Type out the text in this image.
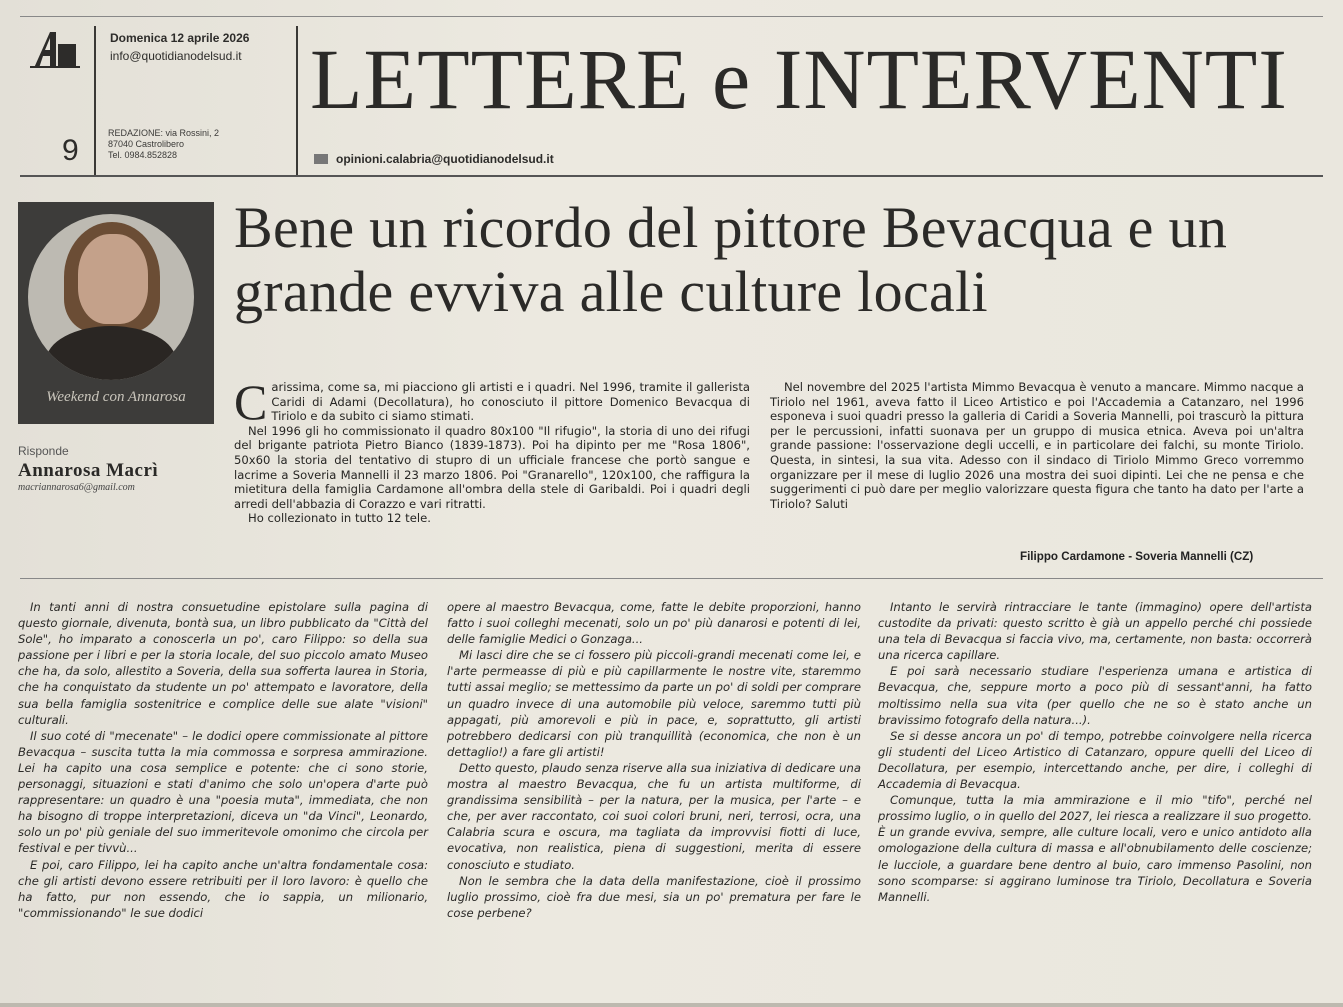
Domenica 12 aprile 2026
info@quotidianodelsud.it
9
REDAZIONE: via Rossini, 2
87040 Castrolibero
Tel. 0984.852828
LETTERE e INTERVENTI
opinioni.calabria@quotidianodelsud.it
Weekend con Annarosa
Risponde
Annarosa Macrì
macriannarosa6@gmail.com
Bene un ricordo del pittore Bevacqua e un grande evviva alle culture locali

Carissima, come sa, mi piacciono gli artisti e i quadri. Nel 1996, tramite il gallerista Caridi di Adami (Decollatura), ho conosciuto il pittore Domenico Bevacqua di Tiriolo e da subito ci siamo stimati.

Nel 1996 gli ho commissionato il quadro 80x100 "Il rifugio", la storia di uno dei rifugi del brigante patriota Pietro Bianco (1839-1873). Poi ha dipinto per me "Rosa 1806", 50x60 la storia del tentativo di stupro di un ufficiale francese che portò sangue e lacrime a Soveria Mannelli il 23 marzo 1806. Poi "Granarello", 120x100, che raffigura la mietitura della famiglia Cardamone all'ombra della stele di Garibaldi. Poi i quadri degli arredi dell'abbazia di Corazzo e vari ritratti.

Ho collezionato in tutto 12 tele.

Nel novembre del 2025 l'artista Mimmo Bevacqua è venuto a mancare. Mimmo nacque a Tiriolo nel 1961, aveva fatto il Liceo Artistico e poi l'Accademia a Catanzaro, nel 1996 esponeva i suoi quadri presso la galleria di Caridi a Soveria Mannelli, poi trascurò la pittura per le percussioni, infatti suonava per un gruppo di musica etnica. Aveva poi un'altra grande passione: l'osservazione degli uccelli, e in particolare dei falchi, su monte Tiriolo. Questa, in sintesi, la sua vita. Adesso con il sindaco di Tiriolo Mimmo Greco vorremmo organizzare per il mese di luglio 2026 una mostra dei suoi dipinti. Lei che ne pensa e che suggerimenti ci può dare per meglio valorizzare questa figura che tanto ha dato per l'arte a Tiriolo? Saluti

Filippo Cardamone - Soveria Mannelli (CZ)

In tanti anni di nostra consuetudine epistolare sulla pagina di questo giornale, divenuta, bontà sua, un libro pubblicato da "Città del Sole", ho imparato a conoscerla un po', caro Filippo: so della sua passione per i libri e per la storia locale, del suo piccolo amato Museo che ha, da solo, allestito a Soveria, della sua sofferta laurea in Storia, che ha conquistato da studente un po' attempato e lavoratore, della sua bella famiglia sostenitrice e complice delle sue alate "visioni" culturali.

Il suo coté di "mecenate" – le dodici opere commissionate al pittore Bevacqua – suscita tutta la mia commossa e sorpresa ammirazione. Lei ha capito una cosa semplice e potente: che ci sono storie, personaggi, situazioni e stati d'animo che solo un'opera d'arte può rappresentare: un quadro è una "poesia muta", immediata, che non ha bisogno di troppe interpretazioni, diceva un "da Vinci", Leonardo, solo un po' più geniale del suo immeritevole omonimo che circola per festival e per tivvù...

E poi, caro Filippo, lei ha capito anche un'altra fondamentale cosa: che gli artisti devono essere retribuiti per il loro lavoro: è quello che ha fatto, pur non essendo, che io sappia, un milionario, "commissionando" le sue dodici

opere al maestro Bevacqua, come, fatte le debite proporzioni, hanno fatto i suoi colleghi mecenati, solo un po' più danarosi e potenti di lei, delle famiglie Medici o Gonzaga...

Mi lasci dire che se ci fossero più piccoli-grandi mecenati come lei, e l'arte permeasse di più e più capillarmente le nostre vite, staremmo tutti assai meglio; se mettessimo da parte un po' di soldi per comprare un quadro invece di una automobile più veloce, saremmo tutti più appagati, più amorevoli e più in pace, e, soprattutto, gli artisti potrebbero dedicarsi con più tranquillità (economica, che non è un dettaglio!) a fare gli artisti!

Detto questo, plaudo senza riserve alla sua iniziativa di dedicare una mostra al maestro Bevacqua, che fu un artista multiforme, di grandissima sensibilità – per la natura, per la musica, per l'arte – e che, per aver raccontato, coi suoi colori bruni, neri, terrosi, ocra, una Calabria scura e oscura, ma tagliata da improvvisi fiotti di luce, evocativa, non realistica, piena di suggestioni, merita di essere conosciuto e studiato.

Non le sembra che la data della manifestazione, cioè il prossimo luglio prossimo, cioè fra due mesi, sia un po' prematura per fare le cose perbene?

Intanto le servirà rintracciare le tante (immagino) opere dell'artista custodite da privati: questo scritto è già un appello perché chi possiede una tela di Bevacqua si faccia vivo, ma, certamente, non basta: occorrerà una ricerca capillare.

E poi sarà necessario studiare l'esperienza umana e artistica di Bevacqua, che, seppure morto a poco più di sessant'anni, ha fatto moltissimo nella sua vita (per quello che ne so è stato anche un bravissimo fotografo della natura...).

Se si desse ancora un po' di tempo, potrebbe coinvolgere nella ricerca gli studenti del Liceo Artistico di Catanzaro, oppure quelli del Liceo di Decollatura, per esempio, intercettando anche, per dire, i colleghi di Accademia di Bevacqua.

Comunque, tutta la mia ammirazione e il mio "tifo", perché nel prossimo luglio, o in quello del 2027, lei riesca a realizzare il suo progetto. È un grande evviva, sempre, alle culture locali, vero e unico antidoto alla omologazione della cultura di massa e all'obnubilamento delle coscienze; le lucciole, a guardare bene dentro al buio, caro immenso Pasolini, non sono scomparse: si aggirano luminose tra Tiriolo, Decollatura e Soveria Mannelli.
